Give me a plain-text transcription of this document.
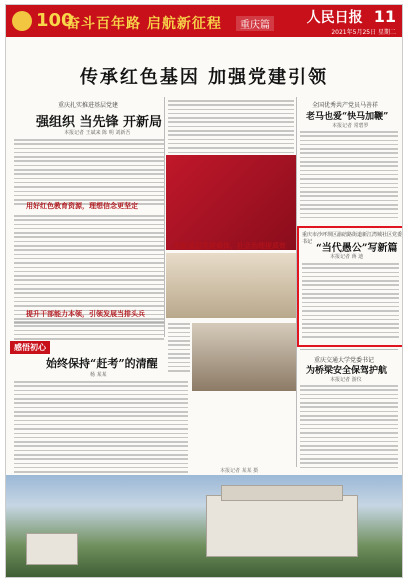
100
奋斗百年路 启航新征程	重庆篇	人民日报 11
2021年5月25日 星期二
传承红色基因 加强党建引领
重庆扎实推进基层党建
强组织 当先锋 开新局
本报记者 王斌来 陈 明 刘新吾
用好红色教育资源，理想信念更坚定
提升干部能力本领，引领发展当排头兵
创新基层党建载体，社会治理提质效
全国优秀共产党员马善祥
老马也爱“快马加鞭”
本报记者 常碧罗
重庆市沙坪坝区渝碚路街道新江湾城社区党委书记
“当代愚公”写新篇
本报记者 蒋 迪
重庆交通大学党委书记
为桥梁安全保驾护航
本报记者 游仪
感悟初心
始终保持“赶考”的清醒
杨 某某
本报记者 某某 摄
